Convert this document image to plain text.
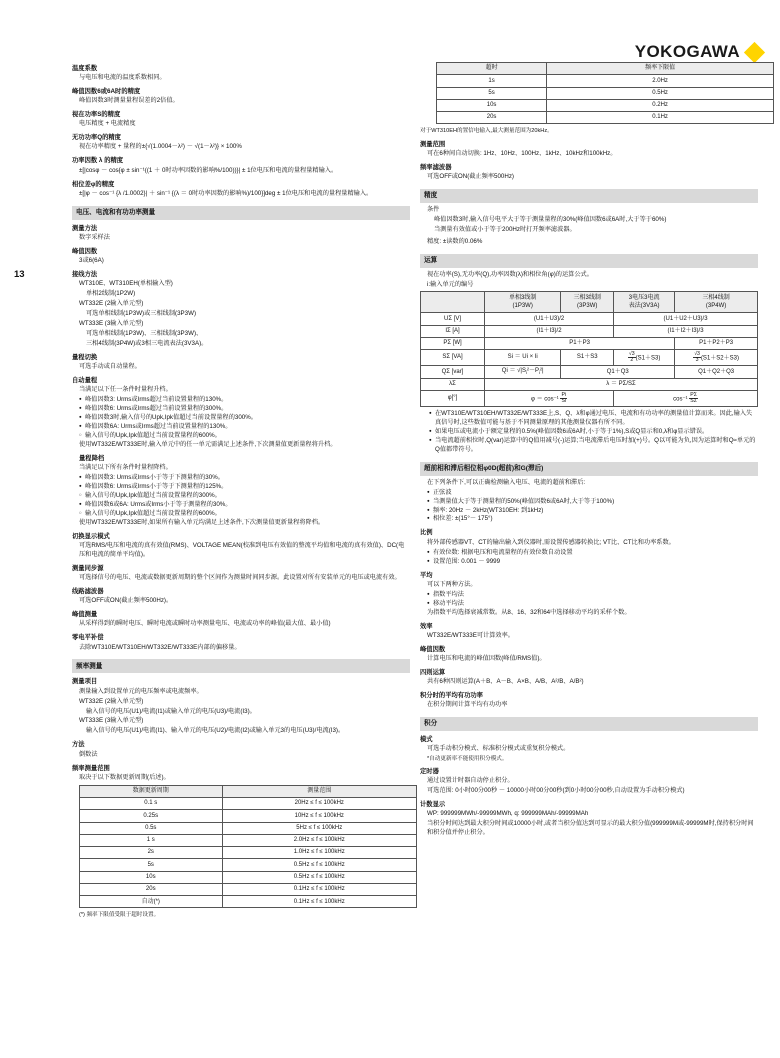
YOKOGAWA
13
温度系数

与电压和电流的温度系数相同。

峰值因数6或6A时的精度

峰值因数3时测量量程误差的2倍值。

视在功率S的精度

电压精度 + 电流精度

无功功率Q的精度

视在功率精度 + 量程的±{√(1.0004－λ²) － √(1－λ²)} × 100%

功率因数 λ 的精度

±[|cosφ － cos{φ ± sin⁻¹((1 ＋ 0时功率因数的影响%/100))}| ± 1位电压和电流的量程量精输入。

相位差φ的精度

±[|φ － cos⁻¹ {λ /1.0002}| ＋ sin⁻¹ {(λ ＝ 0时功率因数的影响%)/100}]deg ± 1位电压和电流的量程量精输入。

电压、电流和有功功率测量
测量方法

数字采样法

峰值因数

3或6(6A)

接线方法

WT310E、WT310EH(单相输入型)

单相2线制(1P2W)

WT332E (2输入单元型)

可选单相线制(1P3W)或三相线制(3P3W)

WT333E (3输入单元型)

可选单相线制(1P3W)、三相线制(3P3W)、

三相4线制(3P4W)或3相三电流表法(3V3A)。

量程切换

可选手动或自动量程。

自动量程

当满足以下任一条件时量程升档。

● 峰值因数3: Urms或Irms超过当前设置量程的130%。
● 峰值因数6: Urms或Irms超过当前设置量程的300%。
● 峰值因数3时,输入信号的Upk,Ipk值超过当前设置量程的300%。
● 峰值因数6A: Urms或Irms超过当前设置量程的130%。
○ 输入信号的Upk,Ipk值超过当前设置量程的600%。

使用WT332E/WT333E时,输入单元中的任一单元需满足上述条件,下次测量值更新量程将升档。

量程降档

当满足以下所有条件时量程降档。

● 峰值因数3: Urms或Irms小于等于下测量程的30%。
● 峰值因数6: Urms或Irms小于等于下测量程的125%。
○ 输入信号的Upk,Ipk值超过当前设置量程的300%。
● 峰值因数6或6A: Urms或Irms小于等于测量程的30%。
○ 输入信号的Upk,Ipk值超过当前设置量程的600%。

使用WT332E/WT333E时,如果所有输入单元均满足上述条件,下次测量值更新量程将降档。

切换显示模式

可选RMS/电压和电流的真有效值(RMS)、VOLTAGE MEAN(校准到电压有效值的整流平均值和电流的真有效值)、DC(电压和电流的简单平均值)。

测量同步源

可选择信号的电压、电流或数据更新周期的整个区间作为测量时间同步源。此设置对所有安装单元的电压或电流有效。

线路滤波器

可选OFF或ON(截止频率500Hz)。

峰值测量

从采样得到的瞬时电压、瞬时电流或瞬时功率测量电压、电流或功率的峰值(最大值、最小值)

零电平补偿

去除WT310E/WT310EH/WT332E/WT333E内部的偏移量。

频率测量
测量项目

测量输入到设置单元的电压频率或电流频率。

WT332E (2输入单元型)

输入信号的电压(U1)/电流(I1)或输入单元的电压(U3)/电流(I3)。

WT333E (3输入单元型)

输入信号的电压(U1)/电流(I1)、输入单元的电压(U2)/电流(I2)或输入单元3的电压(U3)/电流(I3)。

方法

倒数法

频率测量范围

取决于以下数据更新周期(后述)。

数据更新周期	测量范围
0.1 s	20Hz ≤ f ≤ 100kHz
0.25s	10Hz ≤ f ≤ 100kHz
0.5s	5Hz ≤ f ≤ 100kHz
1 s	2.0Hz ≤ f ≤ 100kHz
2s	1.0Hz ≤ f ≤ 100kHz
5s	0.5Hz ≤ f ≤ 100kHz
10s	0.5Hz ≤ f ≤ 100kHz
20s	0.1Hz ≤ f ≤ 100kHz
自动(*)	0.1Hz ≤ f ≤ 100kHz

(*) 频率下限值受限于超时设置。

超时	频率下限值
1s	2.0Hz
5s	0.5Hz
10s	0.2Hz
20s	0.1Hz

对于WT310EH的置信电输入,最大测量范围为20kHz。

测量范围

可在6种间自动切换: 1Hz、10Hz、100Hz、1kHz、10kHz和100kHz。

频率滤波器

可选OFF或ON(截止频率500Hz)

精度

条件

峰值因数3时,输入信号电平大于等于测量量程的30%(峰值因数6或6A时,大于等于60%)

当测量有效值或小于等于200Hz时打开频率滤波器。

精度: ±读数的0.06%

运算

视在功率(S),无功率(Q),功率因数(λ)和相位角(φ)的运算公式。

i:输入单元的编号

	单相3线制
(1P3W)	三相3线制
(3P3W)	3电压3电流
表法(3V3A)	三相4线制
(3P4W)
UΣ [V]	(U1＋U3)/2		(U1＋U2＋U3)/3	
IΣ [A]	(I1＋I3)/2		(I1＋I2＋I3)/3	
PΣ [W]	P1＋P3			P1＋P2＋P3
SΣ [VA]	Si ＝ Ui × Ii	S1＋S3	$\frac{√3}{2} (S1+S3)$	$\frac{√3}{3} (S1+S2+S3)$
QΣ [var]	$Qi = √|S_i^2-P_i^2|$	Q1＋Q3		Q1＋Q2＋Q3
λΣ	λ ＝ PΣ/SΣ			
φ[°]	$\varphi = \cos^{-1} \frac{Pi}{Si}$		$\cos^{-1} \frac{P\Sigma}{S\Sigma}$
● 在WT310E/WT310EH/WT332E/WT333E上,S、Q、λ和φ通过电压、电流和有功功率的测量值计算而来。因此,输入失真信号时,这些数值可能与基于不同测量原理的其他测量仪器有所不同。
● 如果电压或电流小于额定量程的0.5%(峰值因数6或6A时,小于等于1%),S或Q显示和0,λ和φ显示错误。
● 当电流超前相位时,Q(var)运算中的Q值用减号(-)运算;当电流滞后电压时加(+)号。Q以可能为负,因为运算时和Q≈单元的Q值都带符号。
超前相和滞后相位相φ0D(超前)和G(滞后)

在下列条件下,可以正确检测输入电压、电流的超前和滞后:

● 正弦波
● 当测量值大于等于测量程的50%(峰值因数6或6A时,大于等于100%)
● 频率: 20Hz － 2kHz(WT310EH: 到1kHz)
● 相位差: ±(15°－ 175°)
比例

将外部传感器VT、CT的输出输入到仪器时,需设置传感器转换比; VT比、CT比和功率系数。

● 有效位数: 根据电压和电流量程的有效位数自动设置
● 设置范围: 0.001 － 9999
平均

可以下两种方法。

● 指数平均法
● 移动平均法

为指数平均选择衰减常数。从8、16、32和64中选择移动平均的采样个数。

效率

WT332E/WT333E可计算效率。

峰值因数

计算电压和电流的峰值因数(峰值/RMS值)。

四则运算

共有6种四则运算(A＋B、A－B、A×B、A/B、A²/B、A/B²)

积分时的平均有功功率

在积分期间计算平均有功功率

积分
模式

可选手动积分模式、标准积分模式或重复积分模式。

*自动更新率不能使用积分模式。

定时器

通过设置计时器自动停止积分。

可选范围: 0小时00分00秒 － 10000小时00分00秒(到0小时00分00秒,自动设置为手动积分模式)

计数显示

WP: 999999MWh/-99999MWh, q: 999999MAh/-99999MAh

当积分时间达到最大积分时间或10000小时,或者当积分值达到可显示的最大积分值(999999M或-99999M时,保持积分时间和积分值并停止积分。
